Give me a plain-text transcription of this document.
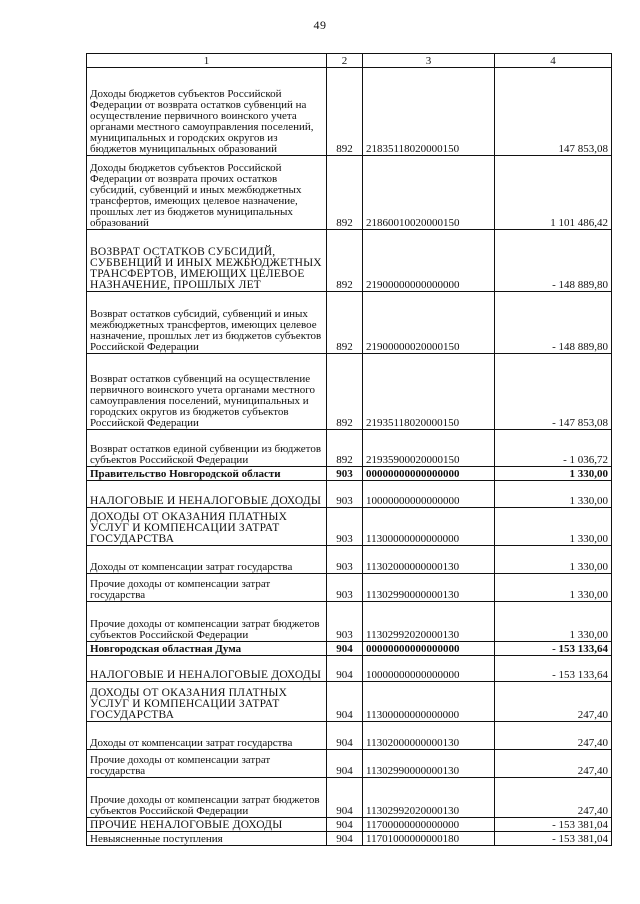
49
1	2	3	4
Доходы бюджетов субъектов Российской Федерации от возврата остатков субвенций на осуществление первичного воинского учета органами местного самоуправления поселений, муниципальных и городских округов из бюджетов муниципальных образований	892	21835118020000150	147 853,08
Доходы бюджетов субъектов Российской Федерации от возврата прочих остатков субсидий, субвенций и иных межбюджетных трансфертов, имеющих целевое назначение, прошлых лет из бюджетов муниципальных образований	892	21860010020000150	1 101 486,42
ВОЗВРАТ ОСТАТКОВ СУБСИДИЙ, СУБВЕНЦИЙ И ИНЫХ МЕЖБЮДЖЕТНЫХ ТРАНСФЕРТОВ, ИМЕЮЩИХ ЦЕЛЕВОЕ НАЗНАЧЕНИЕ, ПРОШЛЫХ ЛЕТ	892	21900000000000000	- 148 889,80
Возврат остатков субсидий, субвенций и иных межбюджетных трансфертов, имеющих целевое назначение, прошлых лет из бюджетов субъектов Российской Федерации	892	21900000020000150	- 148 889,80
Возврат остатков субвенций на осуществление первичного воинского учета органами местного самоуправления поселений, муниципальных и городских округов из бюджетов субъектов Российской Федерации	892	21935118020000150	- 147 853,08
Возврат остатков единой субвенции из бюджетов субъектов Российской Федерации	892	21935900020000150	- 1 036,72
Правительство Новгородской области	903	00000000000000000	1 330,00
НАЛОГОВЫЕ И НЕНАЛОГОВЫЕ ДОХОДЫ	903	10000000000000000	1 330,00
ДОХОДЫ ОТ ОКАЗАНИЯ ПЛАТНЫХ УСЛУГ И КОМПЕНСАЦИИ ЗАТРАТ ГОСУДАРСТВА	903	11300000000000000	1 330,00
Доходы от компенсации затрат государства	903	11302000000000130	1 330,00
Прочие доходы от компенсации затрат государства	903	11302990000000130	1 330,00
Прочие доходы от компенсации затрат бюджетов субъектов Российской Федерации	903	11302992020000130	1 330,00
Новгородская областная Дума	904	00000000000000000	- 153 133,64
НАЛОГОВЫЕ И НЕНАЛОГОВЫЕ ДОХОДЫ	904	10000000000000000	- 153 133,64
ДОХОДЫ ОТ ОКАЗАНИЯ ПЛАТНЫХ УСЛУГ И КОМПЕНСАЦИИ ЗАТРАТ ГОСУДАРСТВА	904	11300000000000000	247,40
Доходы от компенсации затрат государства	904	11302000000000130	247,40
Прочие доходы от компенсации затрат государства	904	11302990000000130	247,40
Прочие доходы от компенсации затрат бюджетов субъектов Российской Федерации	904	11302992020000130	247,40
ПРОЧИЕ НЕНАЛОГОВЫЕ ДОХОДЫ	904	11700000000000000	- 153 381,04
Невыясненные поступления	904	11701000000000180	- 153 381,04
